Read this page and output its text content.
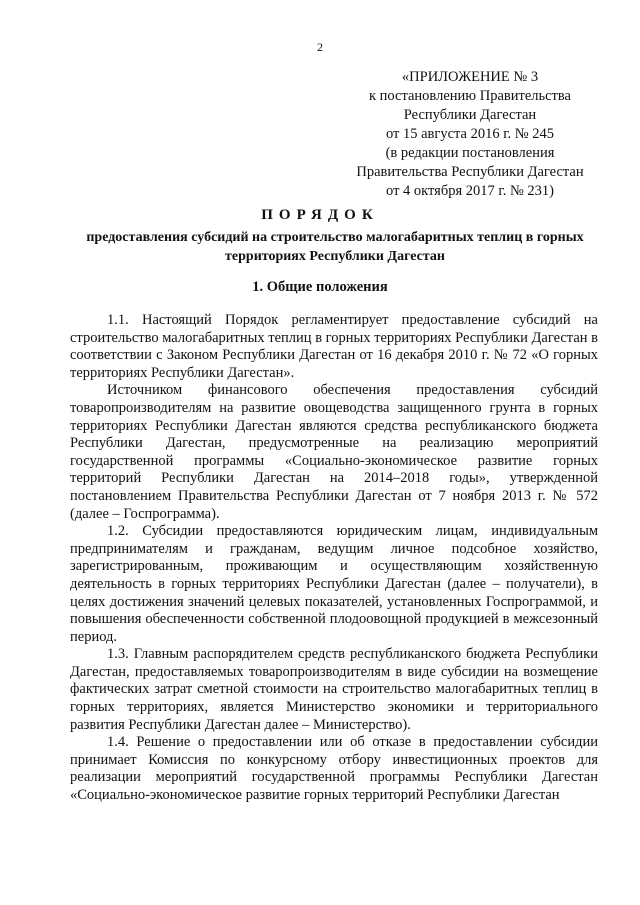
2
«ПРИЛОЖЕНИЕ № 3
к постановлению Правительства
Республики Дагестан
от 15 августа 2016 г. № 245
(в редакции постановления
Правительства Республики Дагестан
от 4 октября 2017 г. № 231)
ПОРЯДОК
предоставления субсидий на строительство малогабаритных теплиц в горных территориях Республики Дагестан
1. Общие положения

1.1. Настоящий Порядок регламентирует предоставление субсидий на строительство малогабаритных теплиц в горных территориях Республики Дагестан в соответствии с Законом Республики Дагестан от 16 декабря 2010 г. № 72 «О горных территориях Республики Дагестан».

Источником финансового обеспечения предоставления субсидий товаропроизводителям на развитие овощеводства защищенного грунта в горных территориях Республики Дагестан являются средства республиканского бюджета Республики Дагестан, предусмотренные на реализацию мероприятий государственной программы «Социально-экономическое развитие горных территорий Республики Дагестан на 2014–2018 годы», утвержденной постановлением Правительства Республики Дагестан от 7 ноября 2013 г. № 572 (далее – Госпрограмма).

1.2. Субсидии предоставляются юридическим лицам, индивидуальным предпринимателям и гражданам, ведущим личное подсобное хозяйство, зарегистрированным, проживающим и осуществляющим хозяйственную деятельность в горных территориях Республики Дагестан (далее – получатели), в целях достижения значений целевых показателей, установленных Госпрограммой, и повышения обеспеченности собственной плодоовощной продукцией в межсезонный период.

1.3. Главным распорядителем средств республиканского бюджета Республики Дагестан, предоставляемых товаропроизводителям в виде субсидии на возмещение фактических затрат сметной стоимости на строительство малогабаритных теплиц в горных территориях, является Министерство экономики и территориального развития Республики Дагестан далее – Министерство).

1.4. Решение о предоставлении или об отказе в предоставлении субсидии принимает Комиссия по конкурсному отбору инвестиционных проектов для реализации мероприятий государственной программы Республики Дагестан «Социально-экономическое развитие горных территорий Республики Дагестан
